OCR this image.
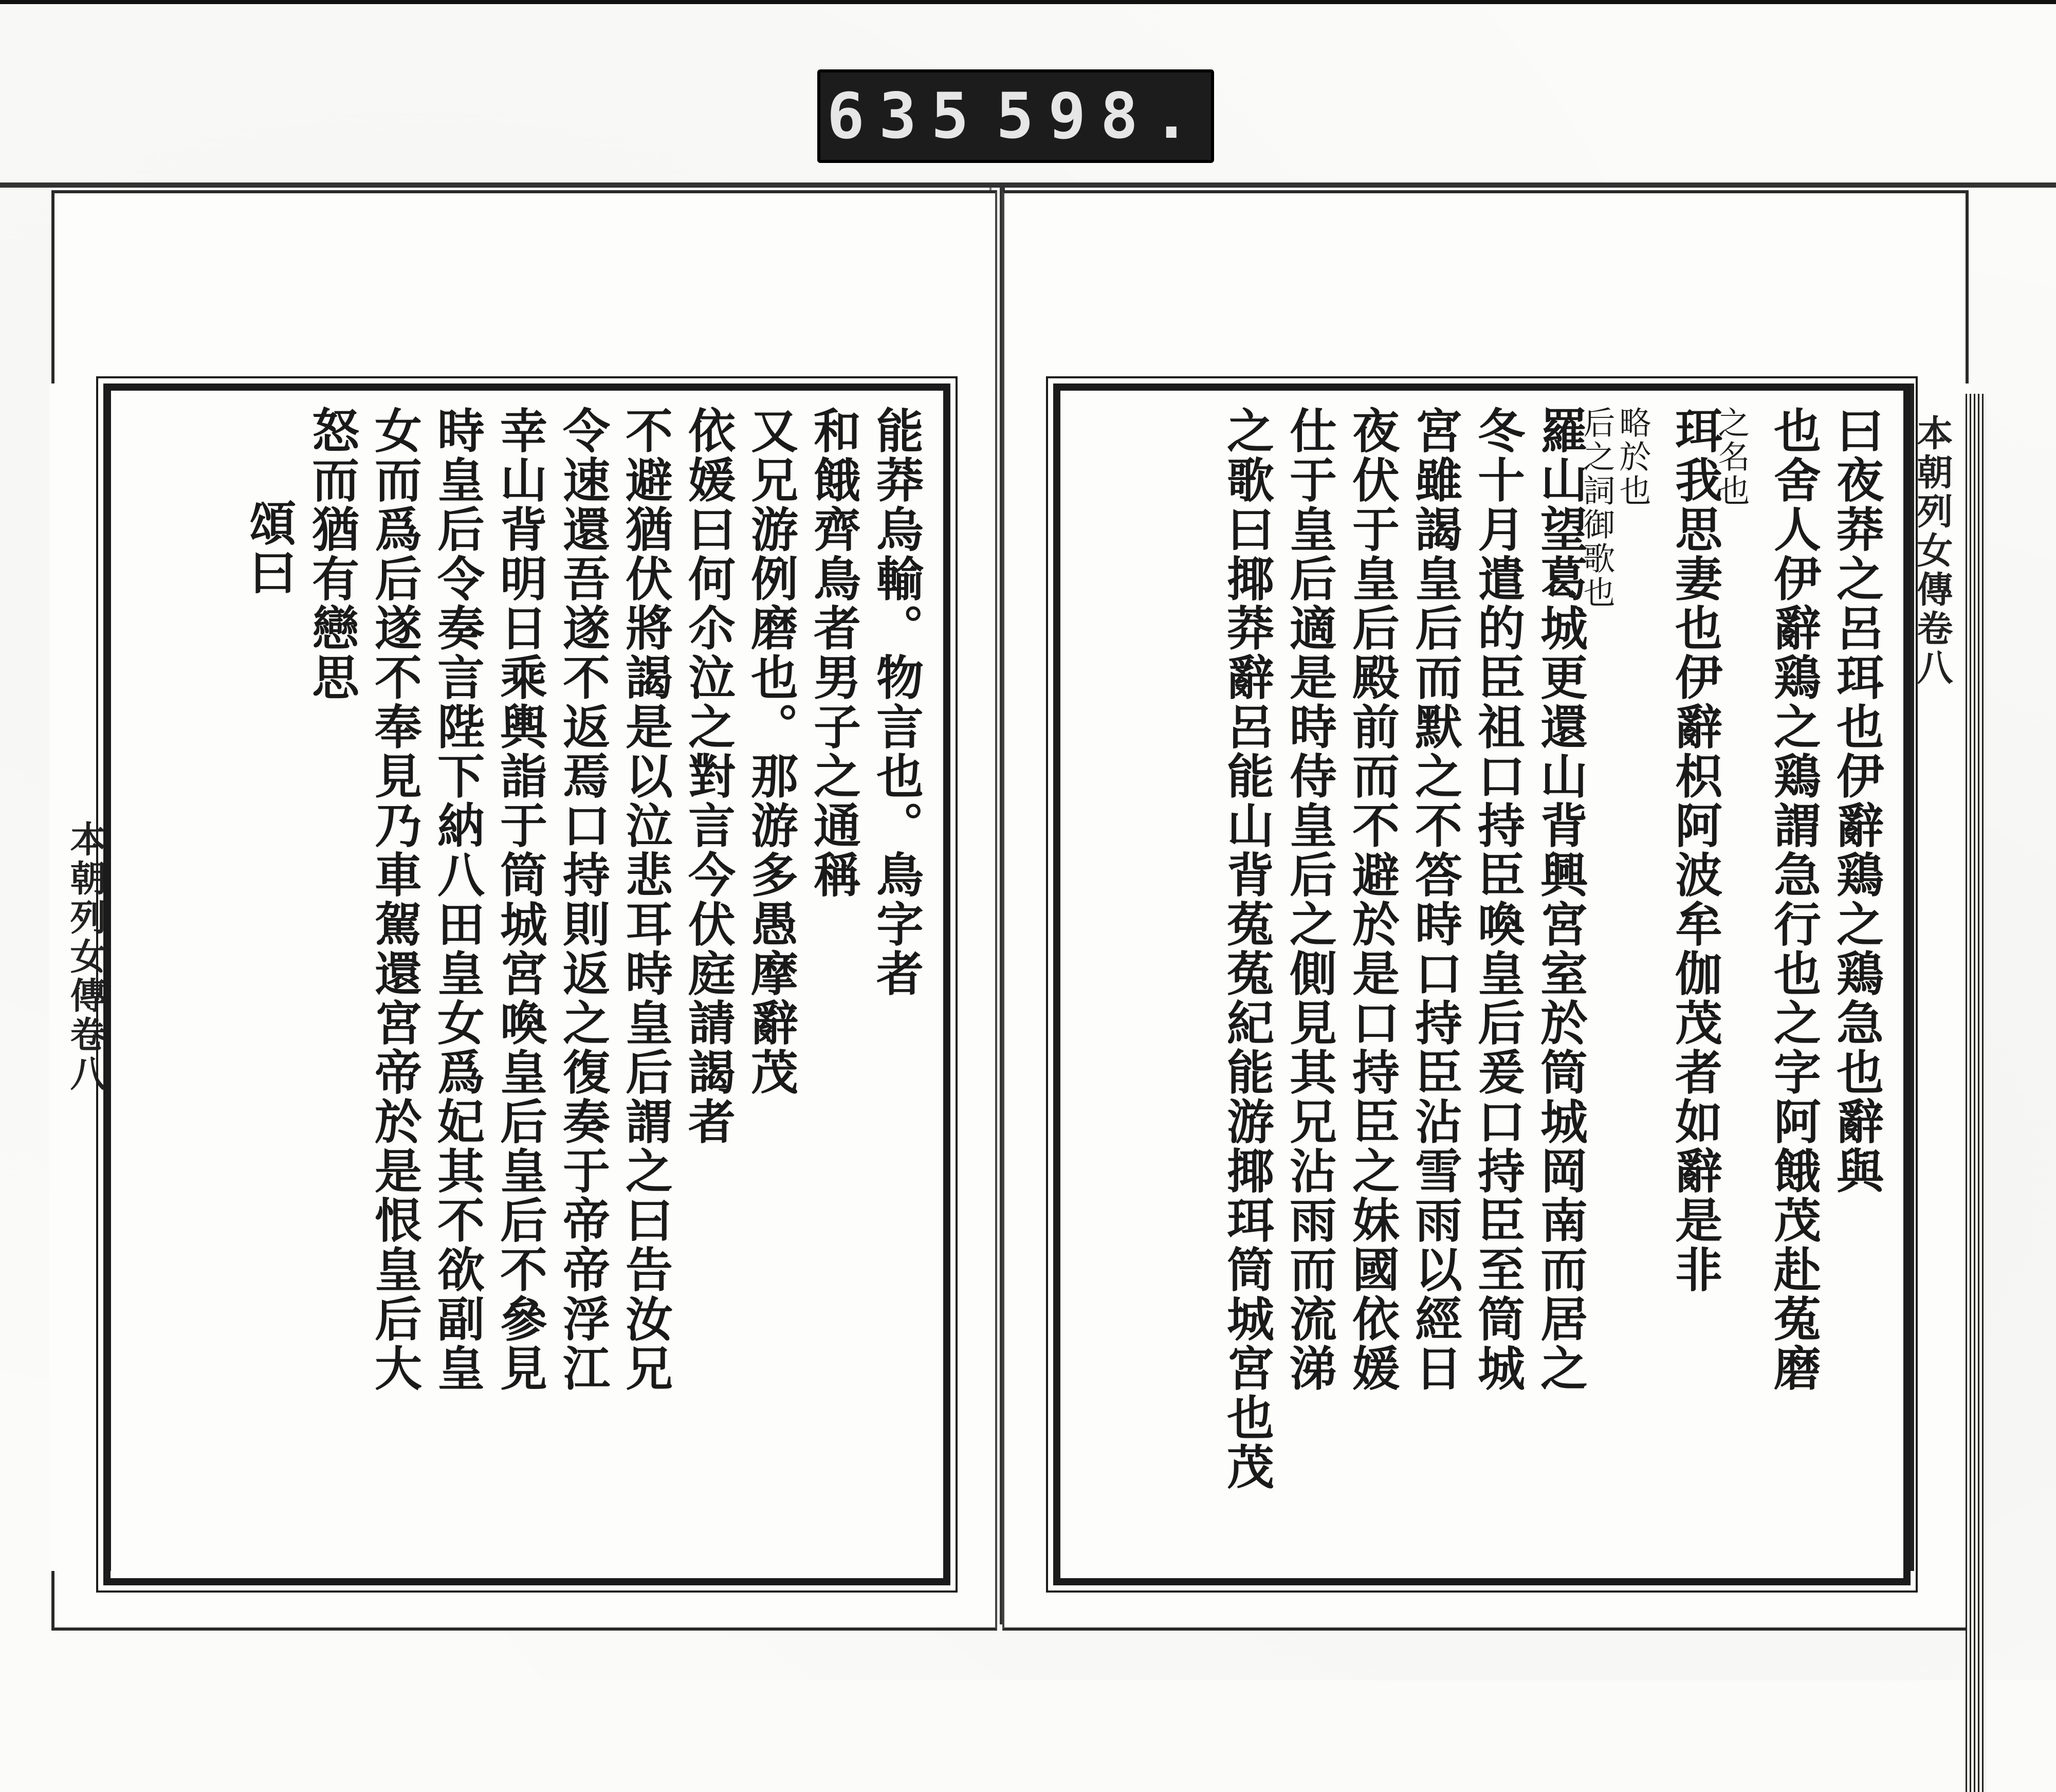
635 598.
本朝列女傳卷八	能莽烏輸。物言也。鳥字者
和餓齊鳥者男子之通稱
又兄游例磨也。那游多愚摩辭茂
依媛曰何尒泣之對言今伏庭請謁者
不避猶伏將謁是以泣悲耳時皇后謂之曰告汝兄
令速還吾遂不返焉口持則返之復奏于帝帝浮江
幸山背明日乘輿詣于筒城宮喚皇后皇后不參見
時皇后令奏言陛下納八田皇女爲妃其不欲副皇
女而爲后遂不奉見乃車駕還宮帝於是恨皇后大
怒而猶有戀思
頌曰	本朝列女傳卷八
曰夜莽之呂珥也伊辭鶏之鶏急也辭與
也舍人伊辭鶏之鶏謂急行也之字阿餓茂赴菟磨
之名也
珥我思妻也伊辭枳阿波牟伽茂者如辭是非
略於也
后之詞御歌也
羅山望葛城更還山背興宮室於筒城岡南而居之
冬十月遣的臣祖口持臣喚皇后爰口持臣至筒城
宮雖謁皇后而默之不答時口持臣沾雪雨以經日
夜伏于皇后殿前而不避於是口持臣之妹國依媛
仕于皇后適是時侍皇后之側見其兄沾雨而流涕
之歌曰揶莽辭呂能山背菟菟紀能游揶珥筒城宮也茂
